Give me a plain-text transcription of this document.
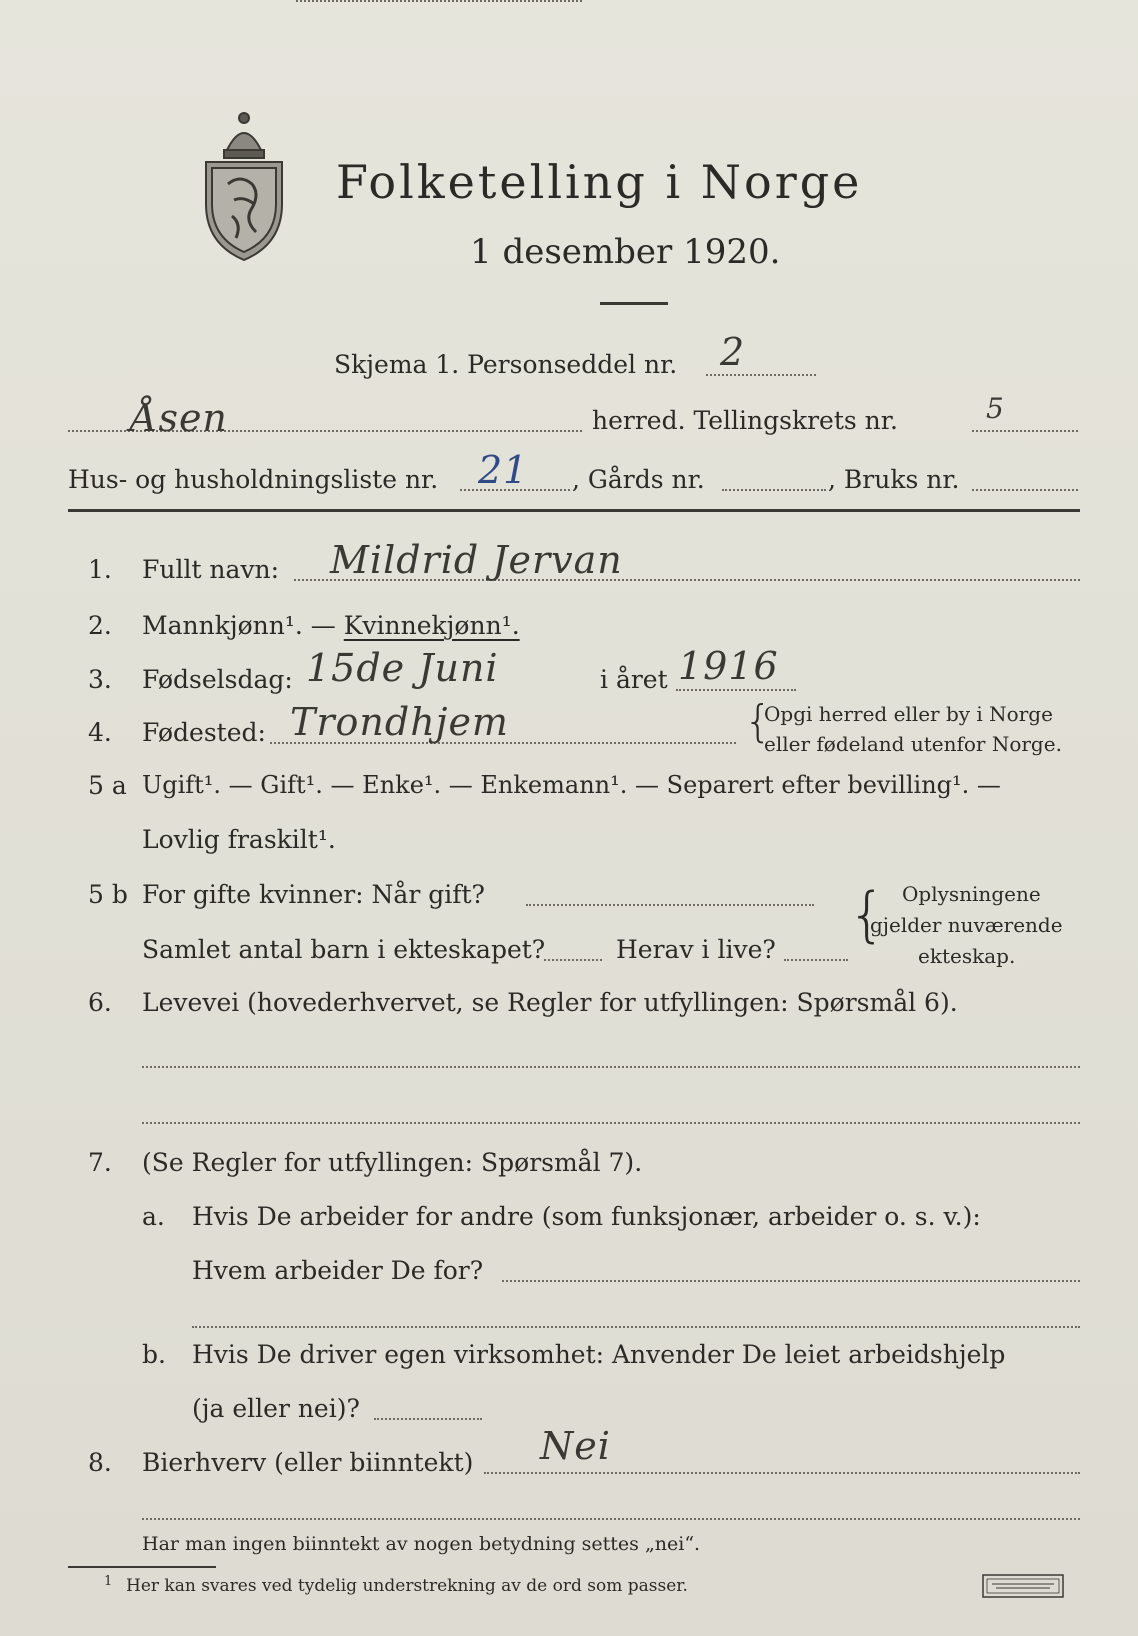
Folketelling i Norge
1 desember 1920.
Skjema 1. Personseddel nr. 2
Åsen	herred. Tellingskrets nr.	5
Hus- og husholdningsliste nr. 21 , Gårds nr.	, Bruks nr.
1. Fullt navn: Mildrid Jervan
2. Mannkjønn¹. — Kvinnekjønn¹.
3. Fødselsdag: 15de Juni	i året 1916
4. Fødested: Trondhjem	{
Opgi herred eller by i Norge
eller fødeland utenfor Norge.
5 a Ugift¹. — Gift¹. — Enke¹. — Enkemann¹. — Separert efter bevilling¹. —
Lovlig fraskilt¹.
5 b For gifte kvinner: Når gift?
Samlet antal barn i ekteskapet?	Herav i live? { Oplysningene
gjelder nuværende
ekteskap.
6. Levevei (hovederhvervet, se Regler for utfyllingen: Spørsmål 6).
7. (Se Regler for utfyllingen: Spørsmål 7).
a. Hvis De arbeider for andre (som funksjonær, arbeider o. s. v.):
Hvem arbeider De for?
b. Hvis De driver egen virksomhet: Anvender De leiet arbeidshjelp
(ja eller nei)?
8. Bierhverv (eller biinntekt) Nei
Har man ingen biinntekt av nogen betydning settes „nei“.
1 Her kan svares ved tydelig understrekning av de ord som passer.
